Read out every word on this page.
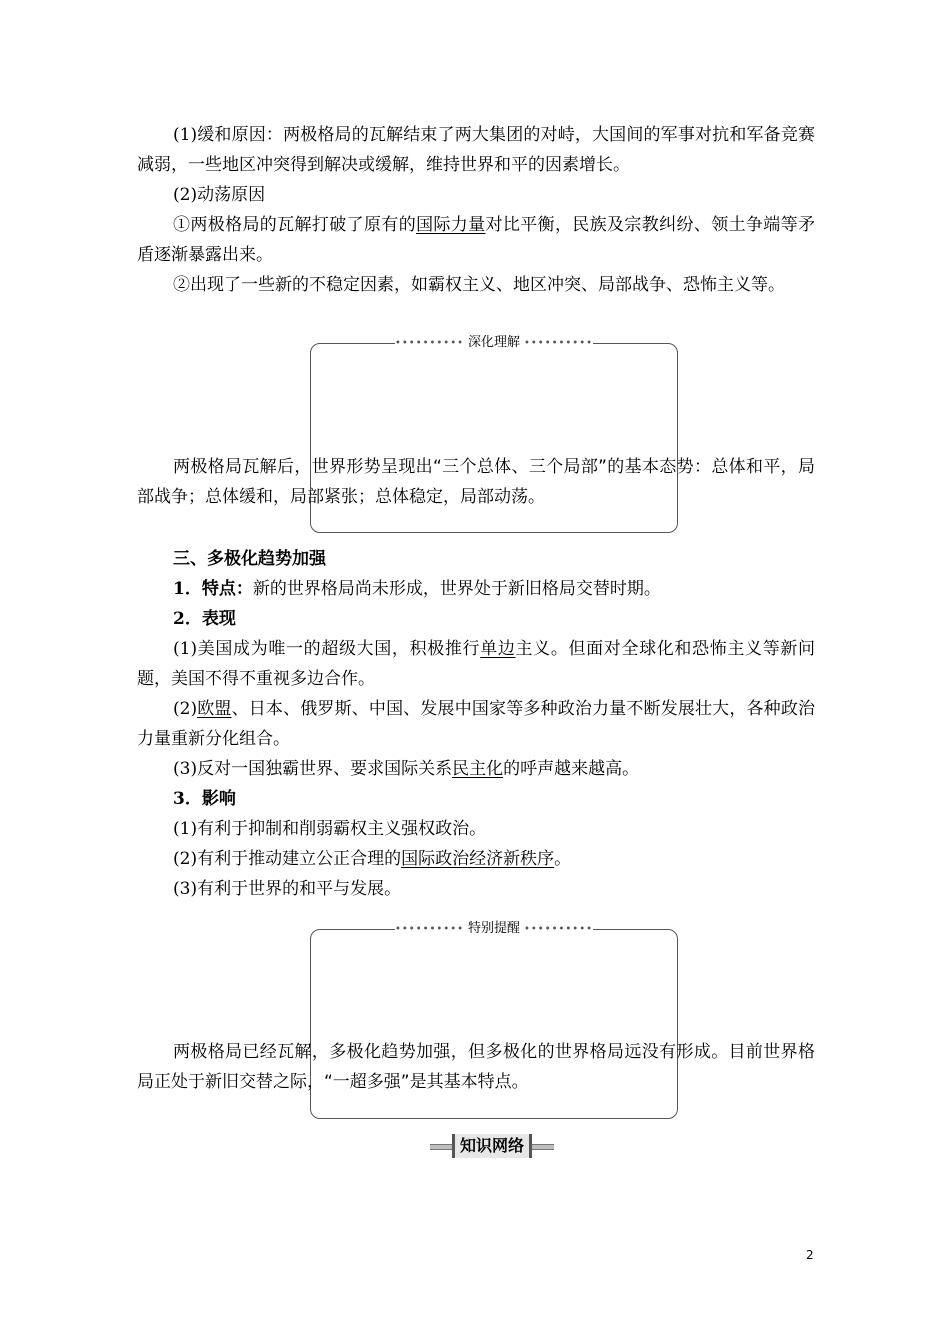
(1)缓和原因：两极格局的瓦解结束了两大集团的对峙，大国间的军事对抗和军备竞赛减弱，一些地区冲突得到解决或缓解，维持世界和平的因素增长。

(2)动荡原因

①两极格局的瓦解打破了原有的国际力量对比平衡，民族及宗教纠纷、领土争端等矛盾逐渐暴露出来。

②出现了一些新的不稳定因素，如霸权主义、地区冲突、局部战争、恐怖主义等。

•••••••••• 深化理解 ••••••••••

两极格局瓦解后，世界形势呈现出“三个总体、三个局部”的基本态势：总体和平，局部战争；总体缓和，局部紧张；总体稳定，局部动荡。

三、多极化趋势加强

1．特点：新的世界格局尚未形成，世界处于新旧格局交替时期。

2．表现

(1)美国成为唯一的超级大国，积极推行单边主义。但面对全球化和恐怖主义等新问题，美国不得不重视多边合作。

(2)欧盟、日本、俄罗斯、中国、发展中国家等多种政治力量不断发展壮大，各种政治力量重新分化组合。

(3)反对一国独霸世界、要求国际关系民主化的呼声越来越高。

3．影响

(1)有利于抑制和削弱霸权主义强权政治。

(2)有利于推动建立公正合理的国际政治经济新秩序。

(3)有利于世界的和平与发展。

•••••••••• 特别提醒 ••••••••••

两极格局已经瓦解，多极化趋势加强，但多极化的世界格局远没有形成。目前世界格局正处于新旧交替之际，“一超多强”是其基本特点。

知识网络
2
